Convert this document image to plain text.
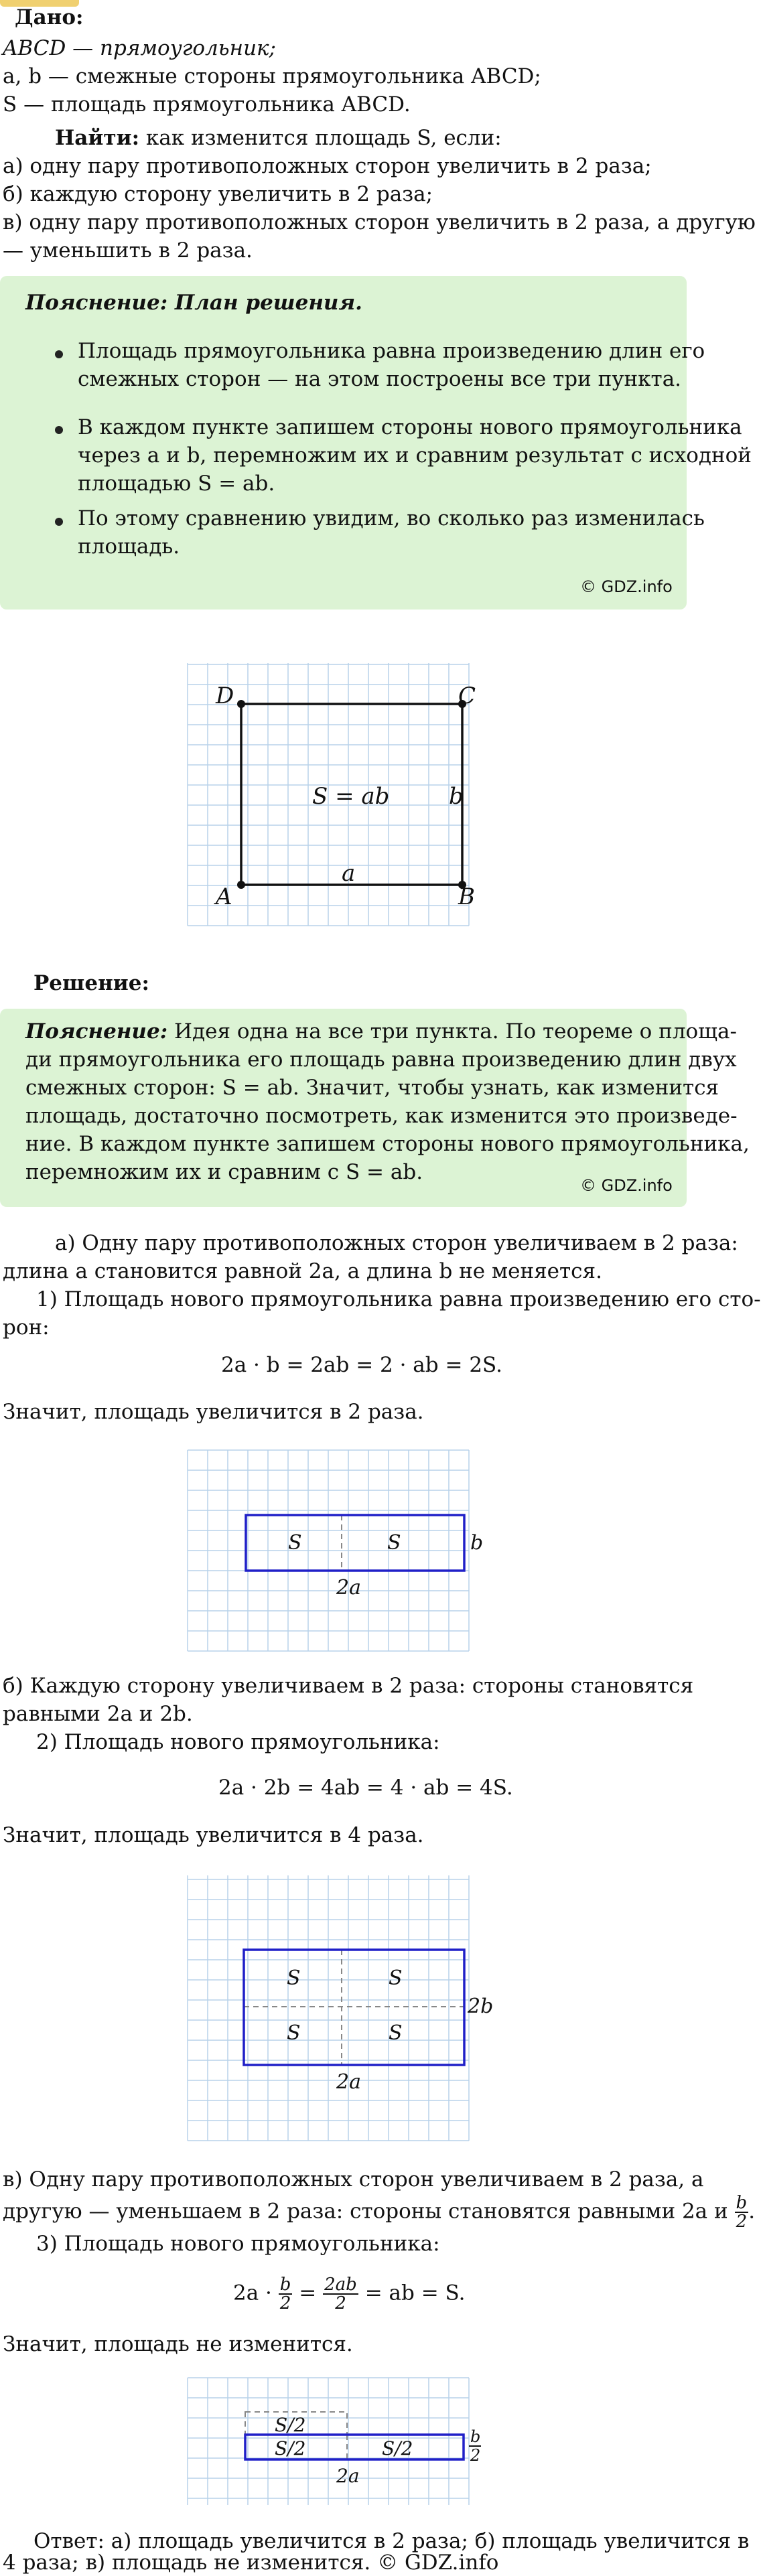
Дано:
ABCD — прямоугольник;
a, b — смежные стороны прямоугольника ABCD;
S — площадь прямоугольника ABCD.
Найти: как изменится площадь S, если:
а) одну пару противоположных сторон увеличить в 2 раза;
б) каждую сторону увеличить в 2 раза;
в) одну пару противоположных сторон увеличить в 2 раза, а другую
— уменьшить в 2 раза.
Пояснение: План решения.
Площадь прямоугольника равна произведению длин его
смежных сторон — на этом построены все три пункта.
В каждом пункте запишем стороны нового прямоугольника
через a и b, перемножим их и сравним результат с исходной
площадью S = ab.
По этому сравнению увидим, во сколько раз изменилась
площадь.
© GDZ.info
D	C
A	B
S = ab	b
a
Решение:
Пояснение: Идея одна на все три пункта. По теореме о площа-
ди прямоугольника его площадь равна произведению длин двух
смежных сторон: S = ab. Значит, чтобы узнать, как изменится
площадь, достаточно посмотреть, как изменится это произведе-
ние. В каждом пункте запишем стороны нового прямоугольника,
перемножим их и сравним с S = ab.
© GDZ.info
а) Одну пару противоположных сторон увеличиваем в 2 раза:
длина a становится равной 2a, а длина b не меняется.
1) Площадь нового прямоугольника равна произведению его сто-
рон:
2a · b = 2ab = 2 · ab = 2S.
Значит, площадь увеличится в 2 раза.
S	S	b
2a
б) Каждую сторону увеличиваем в 2 раза: стороны становятся
равными 2a и 2b.
2) Площадь нового прямоугольника:
2a · 2b = 4ab = 4 · ab = 4S.
Значит, площадь увеличится в 4 раза.
S	S
S	S
2b
2a
в) Одну пару противоположных сторон увеличиваем в 2 раза, а
другую — уменьшаем в 2 раза: стороны становятся равными 2a и $\frac{b}{2}$ .
3) Площадь нового прямоугольника:
$2a \cdot \frac{b}{2} = \frac{2ab}{2}$ = ab = S.
Значит, площадь не изменится.
S/2
S/2	S/2
b
2
2a
Ответ: а) площадь увеличится в 2 раза; б) площадь увеличится в
4 раза; в) площадь не изменится. © GDZ.info
